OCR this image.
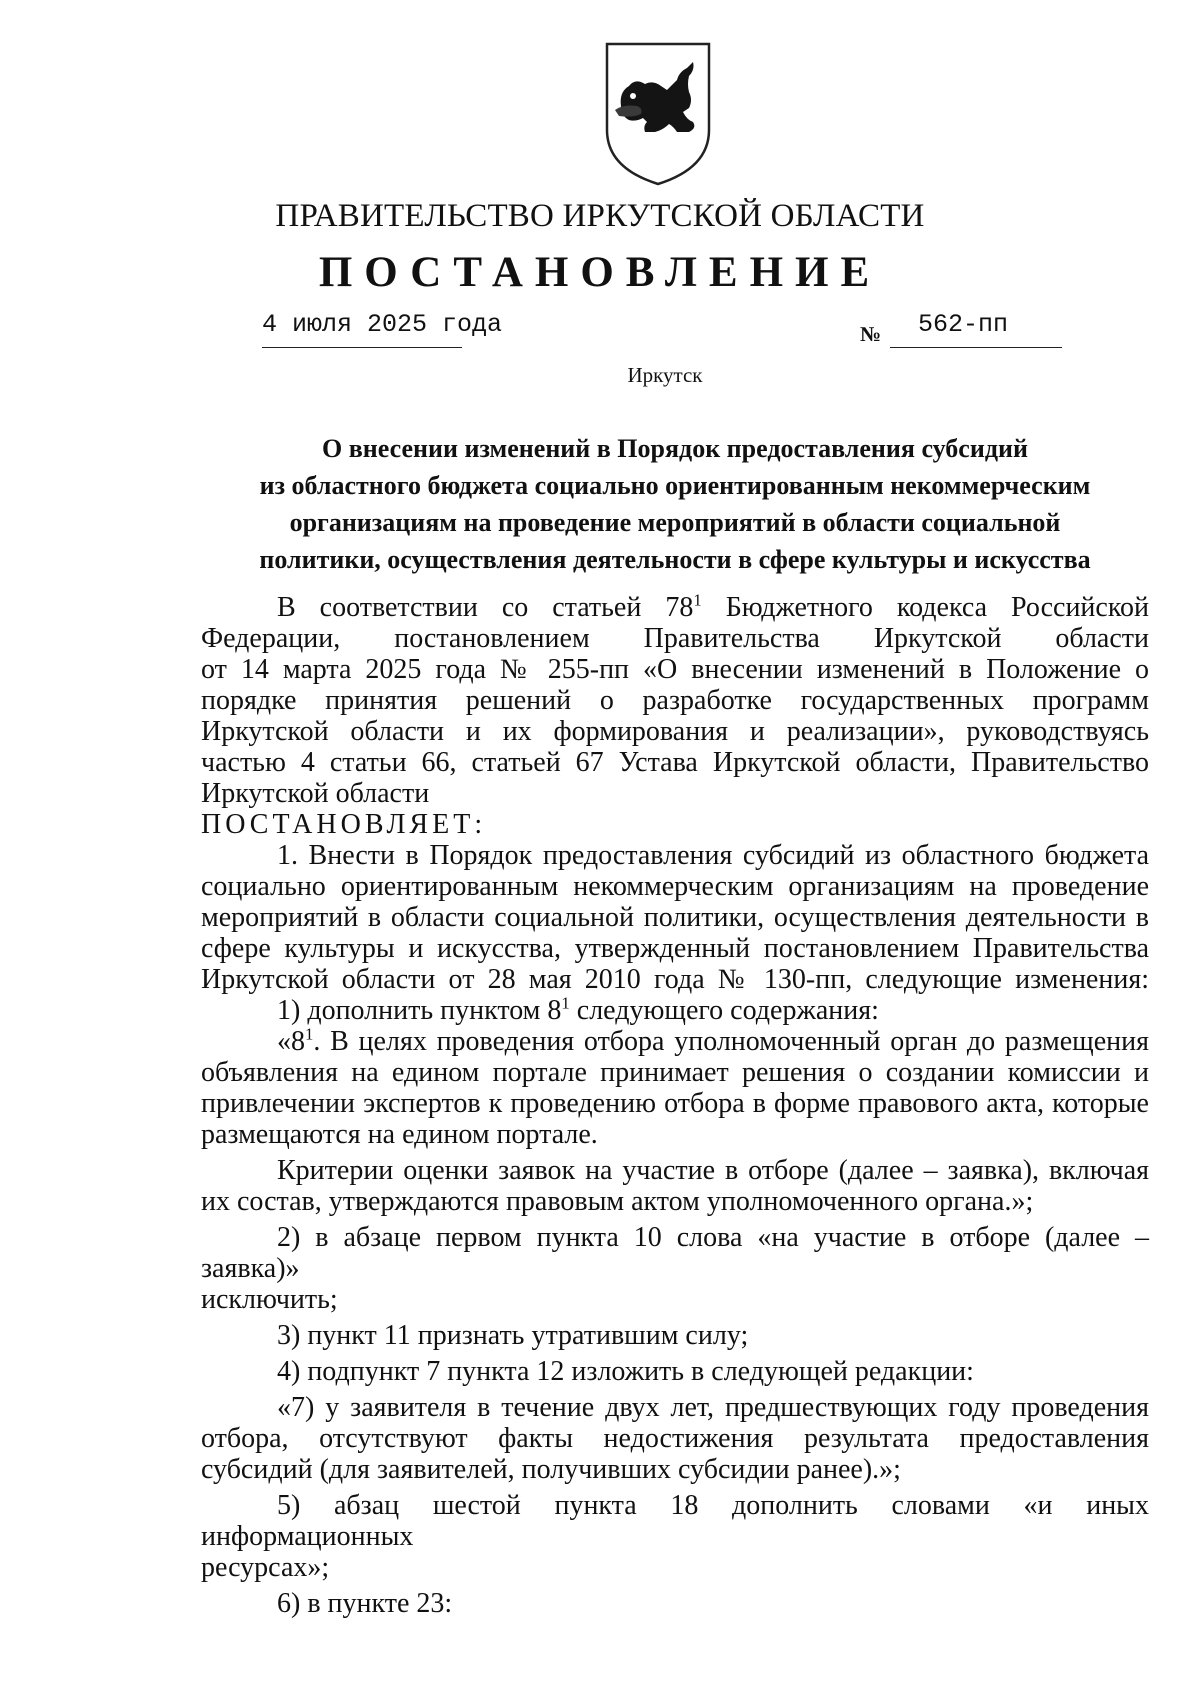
ПРАВИТЕЛЬСТВО ИРКУТСКОЙ ОБЛАСТИ
ПОСТАНОВЛЕНИЕ
4 июля 2025 года	№ 562-пп
Иркутск
О внесении изменений в Порядок предоставления субсидий
из областного бюджета социально ориентированным некоммерческим
организациям на проведение мероприятий в области социальной
политики, осуществления деятельности в сфере культуры и искусства

В соответствии со статьей $78^1$ Бюджетного кодекса Российской

Федерации, постановлением Правительства Иркутской области

от 14 марта 2025 года № 255-пп «О внесении изменений в Положение о

порядке принятия решений о разработке государственных программ

Иркутской области и их формирования и реализации», руководствуясь

частью 4 статьи 66, статьей 67 Устава Иркутской области, Правительство

Иркутской области

ПОСТАНОВЛЯЕТ:

1. Внести в Порядок предоставления субсидий из областного бюджета

социально ориентированным некоммерческим организациям на проведение

мероприятий в области социальной политики, осуществления деятельности в

сфере культуры и искусства, утвержденный постановлением Правительства

Иркутской области от 28 мая 2010 года № 130-пп, следующие изменения:

1) дополнить пунктом $8^1$ следующего содержания:

«$8^1$. В целях проведения отбора уполномоченный орган до размещения

объявления на едином портале принимает решения о создании комиссии и

привлечении экспертов к проведению отбора в форме правового акта, которые

размещаются на едином портале.

Критерии оценки заявок на участие в отборе (далее – заявка), включая

их состав, утверждаются правовым актом уполномоченного органа.»;

2) в абзаце первом пункта 10 слова «на участие в отборе (далее – заявка)»

исключить;

3) пункт 11 признать утратившим силу;

4) подпункт 7 пункта 12 изложить в следующей редакции:

«7) у заявителя в течение двух лет, предшествующих году проведения

отбора, отсутствуют факты недостижения результата предоставления

субсидий (для заявителей, получивших субсидии ранее).»;

5) абзац шестой пункта 18 дополнить словами «и иных информационных

ресурсах»;

6) в пункте 23:
